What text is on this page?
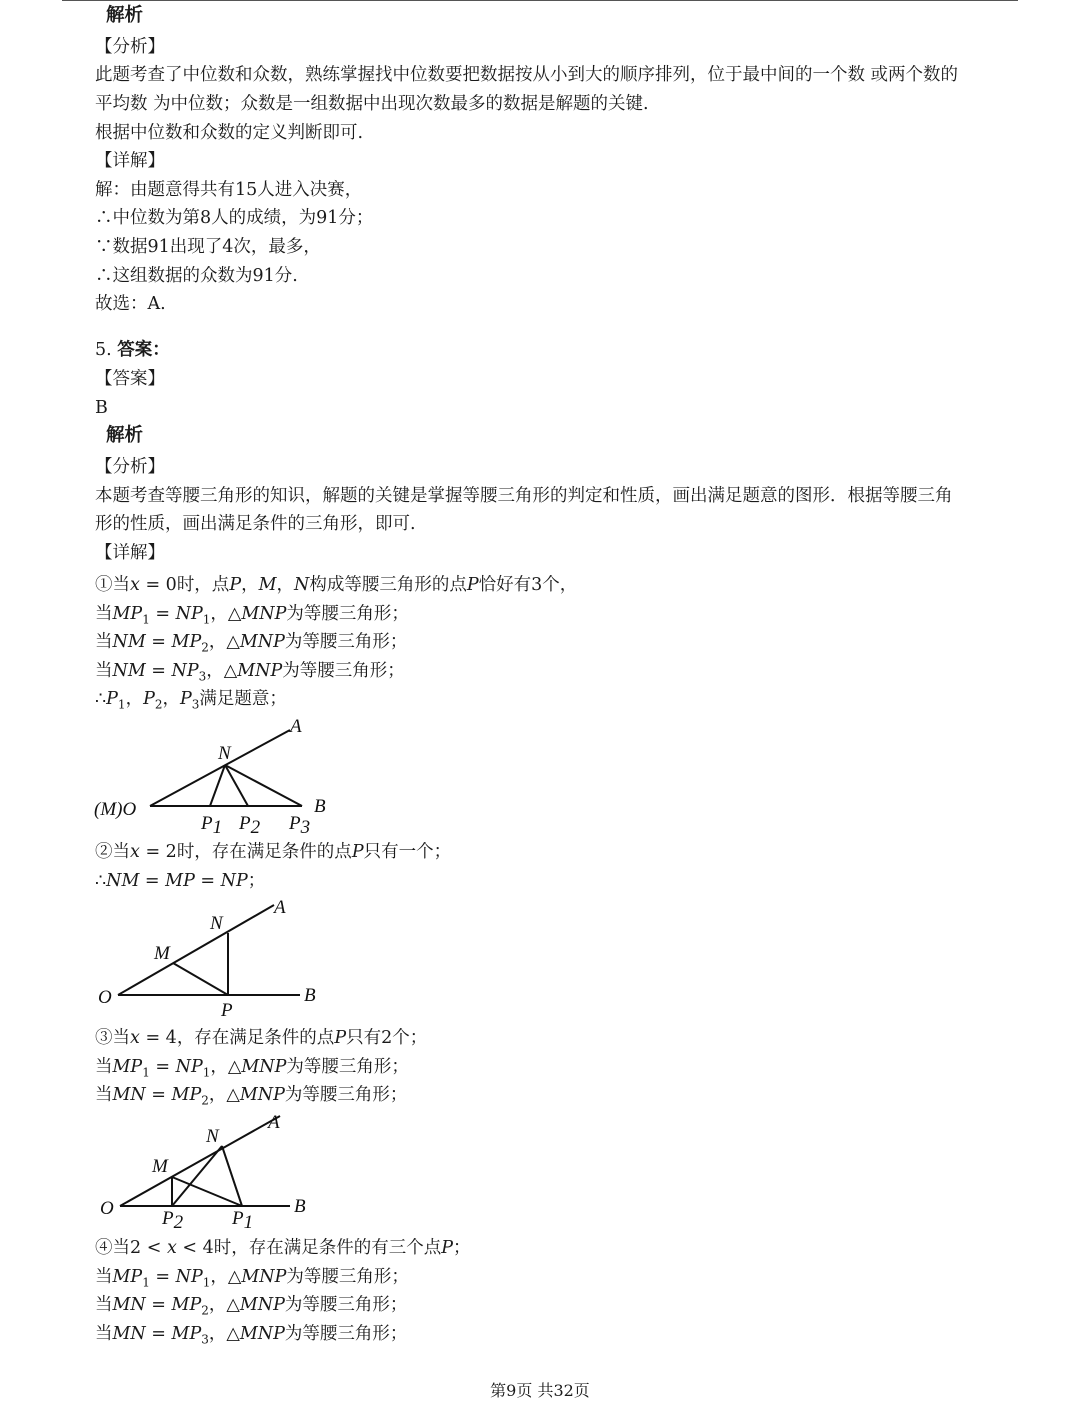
解析
【分析】
此题考查了中位数和众数，熟练掌握找中位数要把数据按从小到大的顺序排列，位于最中间的一个数 或两个数的
平均数 为中位数；众数是一组数据中出现次数最多的数据是解题的关键.
根据中位数和众数的定义判断即可.
【详解】
解：由题意得共有15人进入决赛，
∴中位数为第8人的成绩，为91分；
∵数据91出现了4次，最多，
∴这组数据的众数为91分.
故选：A.
5. 答案：
【答案】
B
解析
【分析】
本题考查等腰三角形的知识，解题的关键是掌握等腰三角形的判定和性质，画出满足题意的图形．根据等腰三角
形的性质，画出满足条件的三角形，即可.
【详解】
①当x = 0时，点P，M，N构成等腰三角形的点P恰好有3个，
当$MP_1 = NP_1$，△MNP为等腰三角形；
当NM = $MP_2$，△MNP为等腰三角形；
当NM = $NP_3$，△MNP为等腰三角形；
$\therefore P_1$，$P_2$，$P_3$满足题意；
A
N
(M)O	B
P1 P2 P3
②当x = 2时，存在满足条件的点P只有一个；
∴NM = MP = NP；
A
N
M
O	B
P
③当x = 4，存在满足条件的点P只有2个；
当$MP_1 = NP_1$，△MNP为等腰三角形；
当MN = $MP_2$，△MNP为等腰三角形；
A
N
M
O	B
P2	P1
④当2 < x < 4时，存在满足条件的有三个点P；
当$MP_1 = NP_1$，△MNP为等腰三角形；
当MN = $MP_2$，△MNP为等腰三角形；
当MN = $MP_3$，△MNP为等腰三角形；
第9页 共32页
